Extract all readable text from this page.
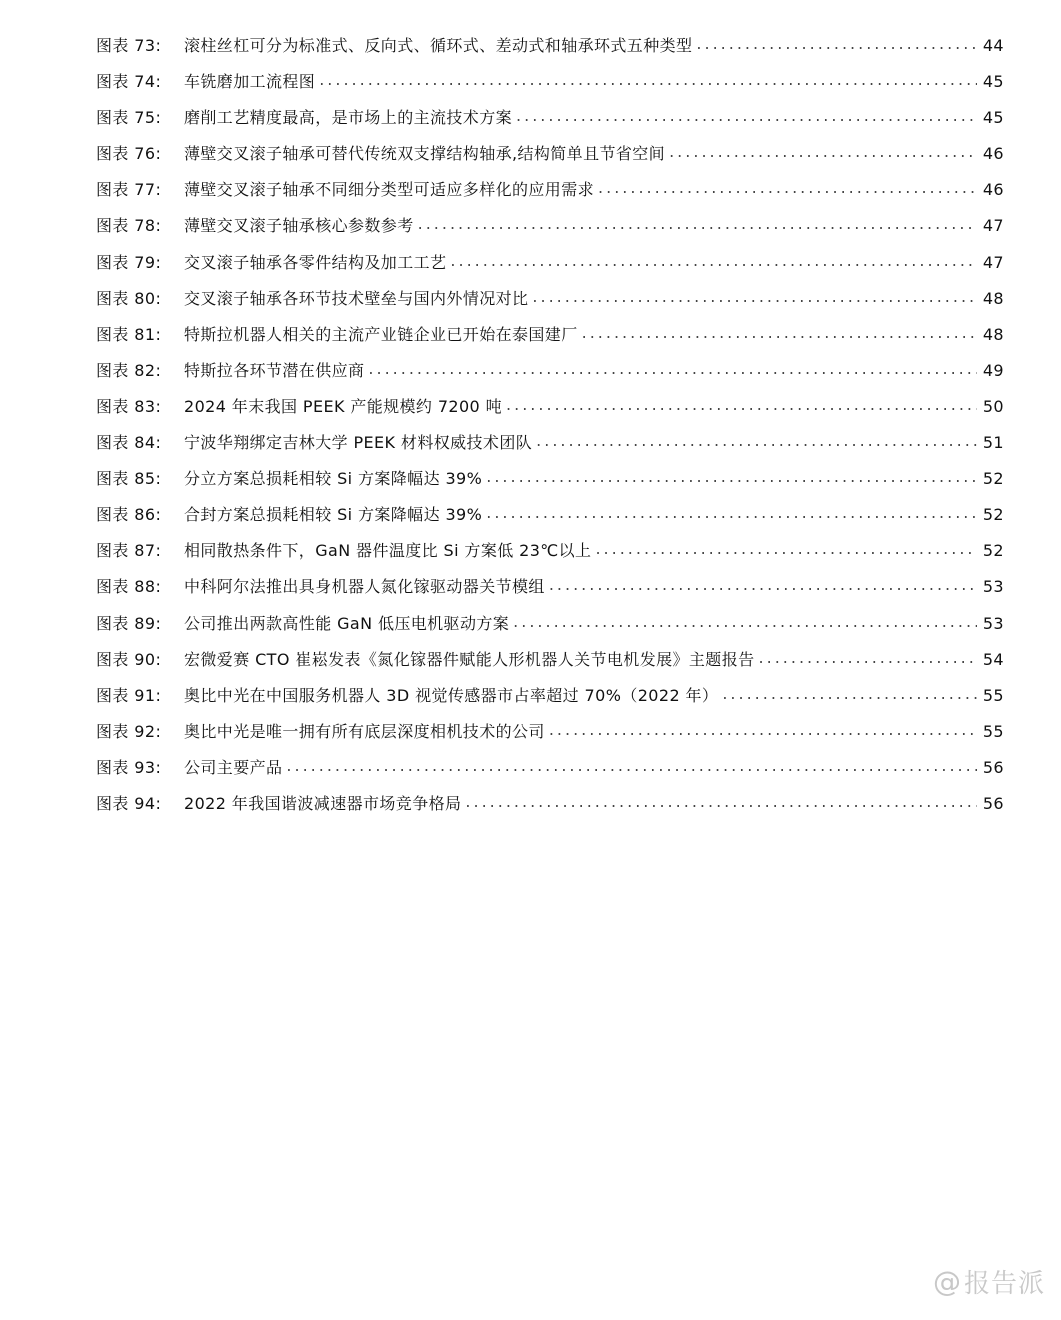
图表 73:	滚柱丝杠可分为标准式、反向式、循环式、差动式和轴承环式五种类型 .....	44
图表 74:	车铣磨加工流程图 .....	45
图表 75:	磨削工艺精度最高，是市场上的主流技术方案 .....	45
图表 76:	薄壁交叉滚子轴承可替代传统双支撑结构轴承,结构简单且节省空间 .....	46
图表 77:	薄壁交叉滚子轴承不同细分类型可适应多样化的应用需求 .....	46
图表 78:	薄壁交叉滚子轴承核心参数参考 .....	47
图表 79:	交叉滚子轴承各零件结构及加工工艺 .....	47
图表 80:	交叉滚子轴承各环节技术壁垒与国内外情况对比 .....	48
图表 81:	特斯拉机器人相关的主流产业链企业已开始在泰国建厂 .....	48
图表 82:	特斯拉各环节潜在供应商 .....	49
图表 83:	2024 年末我国 PEEK 产能规模约 7200 吨 .....	50
图表 84:	宁波华翔绑定吉林大学 PEEK 材料权威技术团队 .....	51
图表 85:	分立方案总损耗相较 Si 方案降幅达 39% .....	52
图表 86:	合封方案总损耗相较 Si 方案降幅达 39% .....	52
图表 87:	相同散热条件下，GaN 器件温度比 Si 方案低 23℃以上 .....	52
图表 88:	中科阿尔法推出具身机器人氮化镓驱动器关节模组 .....	53
图表 89:	公司推出两款高性能 GaN 低压电机驱动方案 .....	53
图表 90:	宏微爱赛 CTO 崔崧发表《氮化镓器件赋能人形机器人关节电机发展》主题报告 .....	54
图表 91:	奥比中光在中国服务机器人 3D 视觉传感器市占率超过 70%（2022 年） .....	55
图表 92:	奥比中光是唯一拥有所有底层深度相机技术的公司 .....	55
图表 93:	公司主要产品 .....	56
图表 94:	2022 年我国谐波减速器市场竞争格局 .....	56
@ 报告派
